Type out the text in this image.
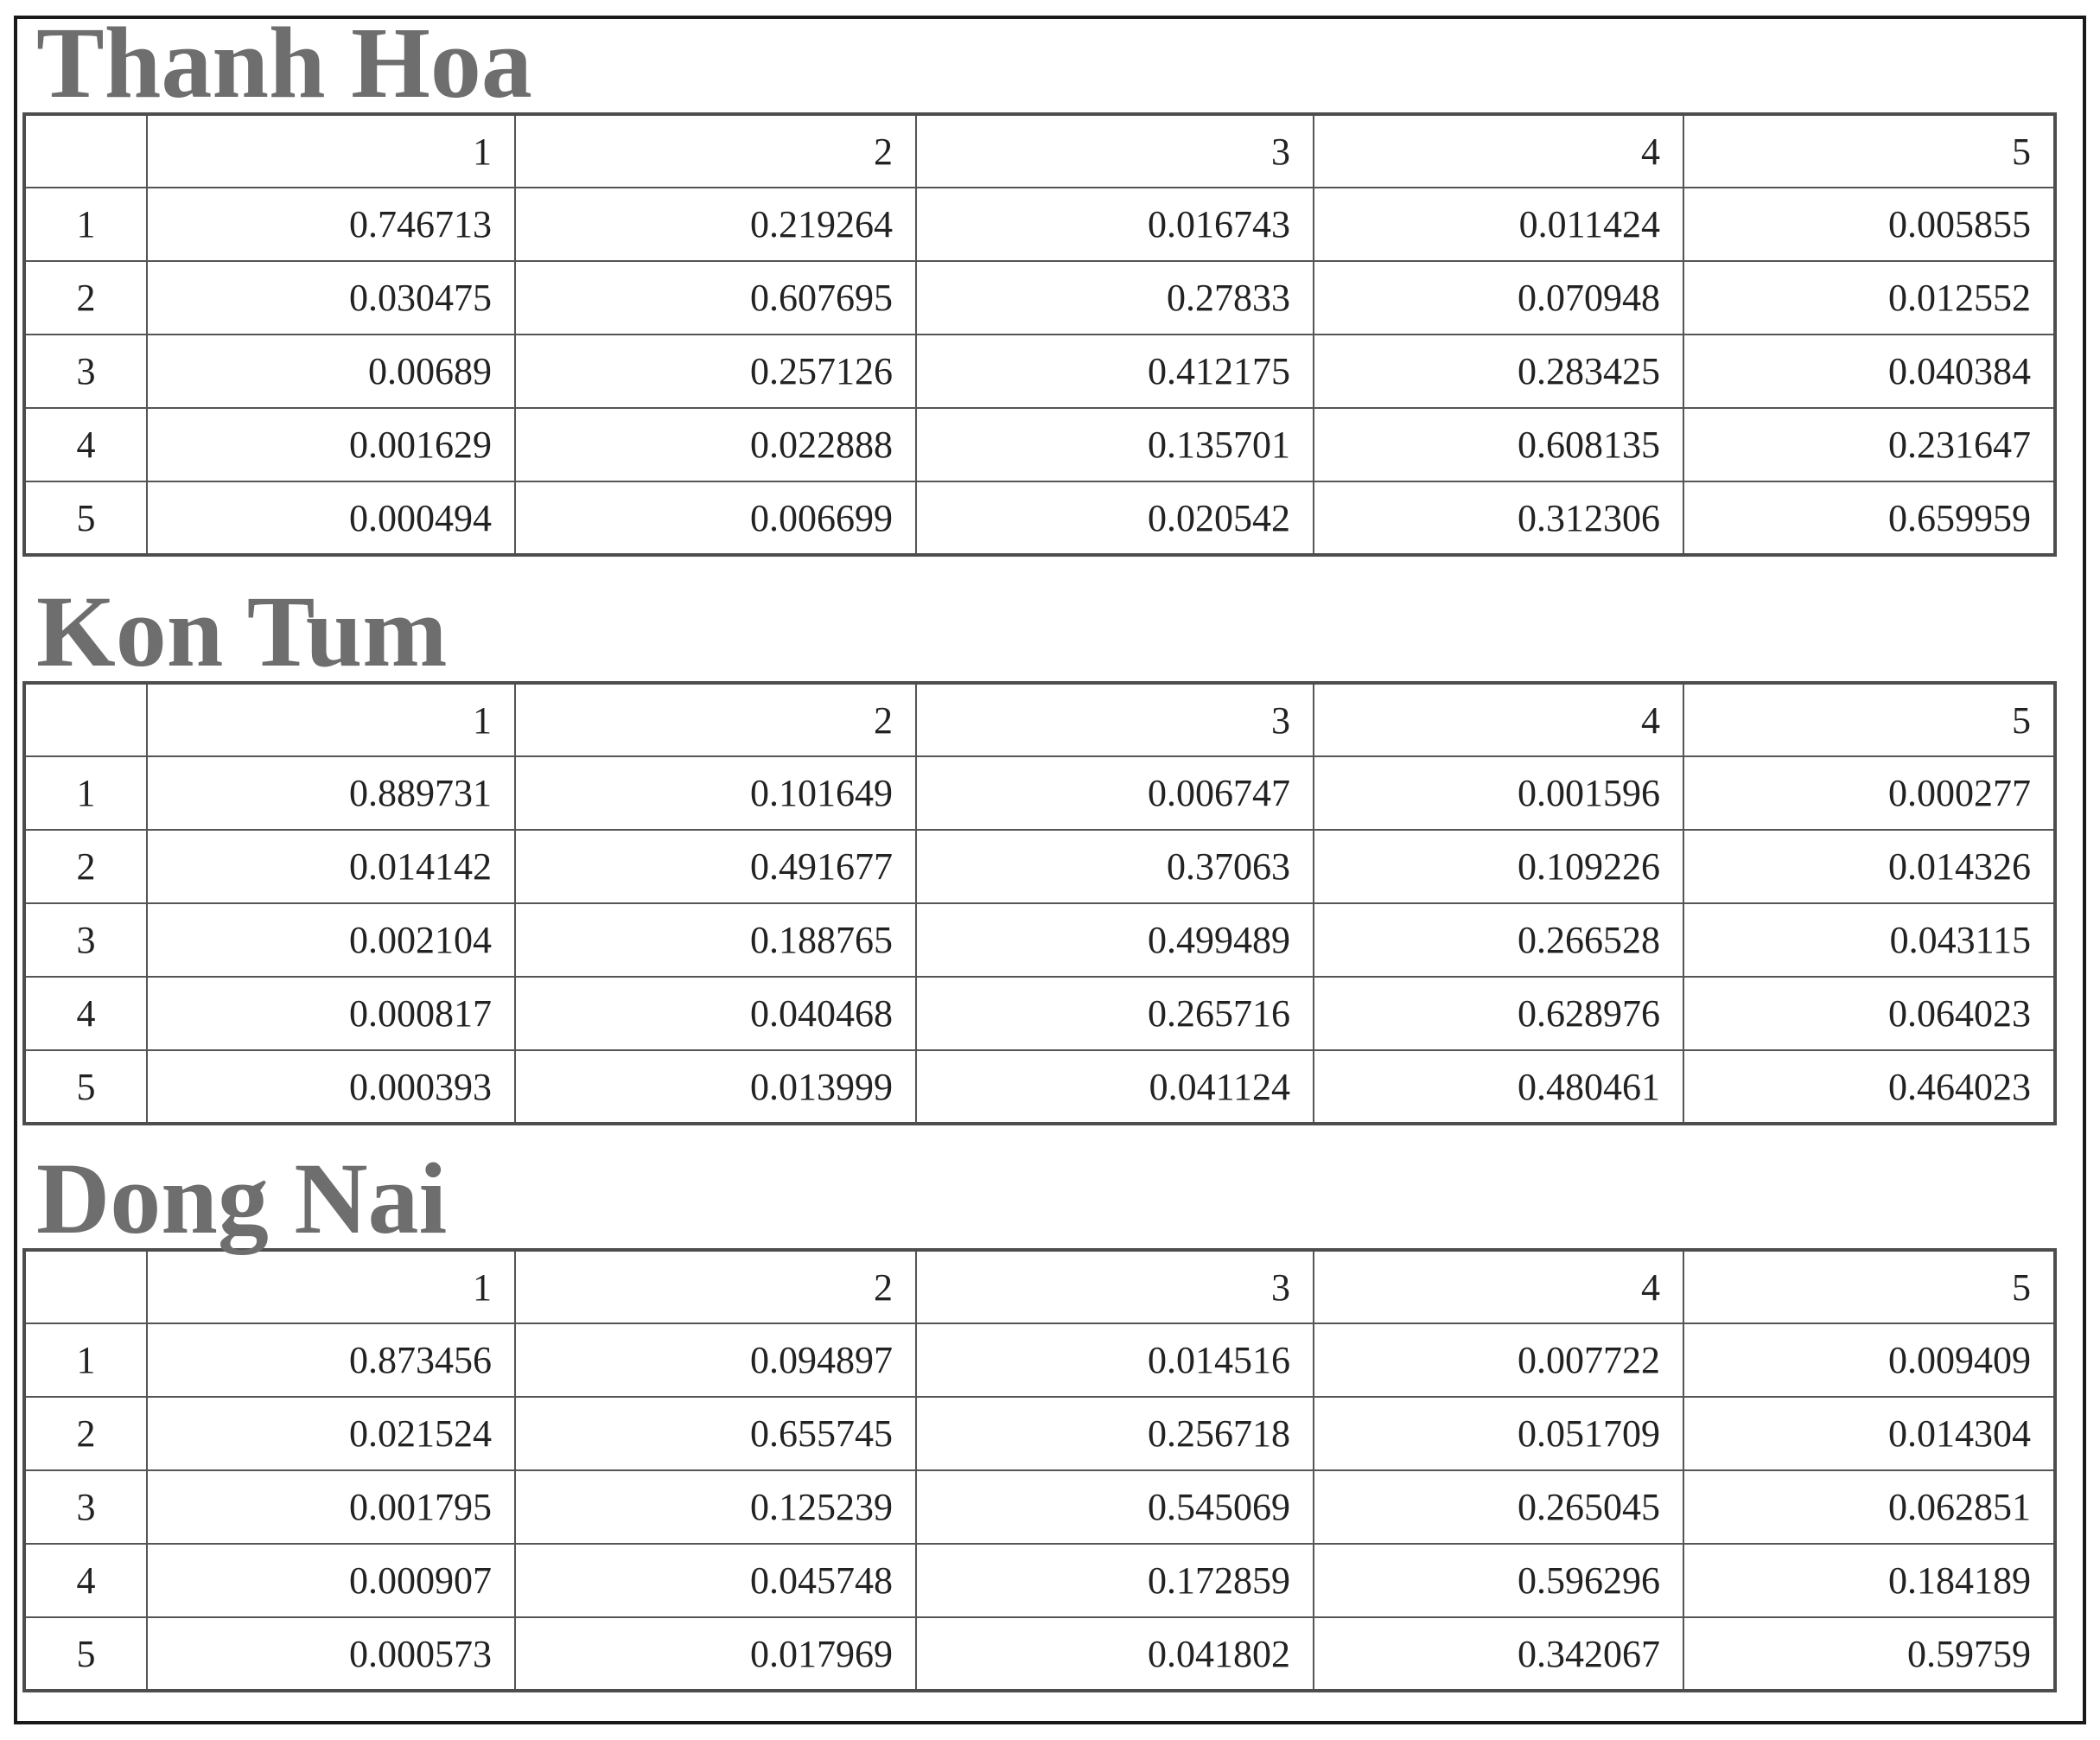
Thanh Hoa
	1	2	3	4	5
1	0.746713	0.219264	0.016743	0.011424	0.005855
2	0.030475	0.607695	0.27833	0.070948	0.012552
3	0.00689	0.257126	0.412175	0.283425	0.040384
4	0.001629	0.022888	0.135701	0.608135	0.231647
5	0.000494	0.006699	0.020542	0.312306	0.659959
Kon Tum
	1	2	3	4	5
1	0.889731	0.101649	0.006747	0.001596	0.000277
2	0.014142	0.491677	0.37063	0.109226	0.014326
3	0.002104	0.188765	0.499489	0.266528	0.043115
4	0.000817	0.040468	0.265716	0.628976	0.064023
5	0.000393	0.013999	0.041124	0.480461	0.464023
Dong Nai
	1	2	3	4	5
1	0.873456	0.094897	0.014516	0.007722	0.009409
2	0.021524	0.655745	0.256718	0.051709	0.014304
3	0.001795	0.125239	0.545069	0.265045	0.062851
4	0.000907	0.045748	0.172859	0.596296	0.184189
5	0.000573	0.017969	0.041802	0.342067	0.59759
